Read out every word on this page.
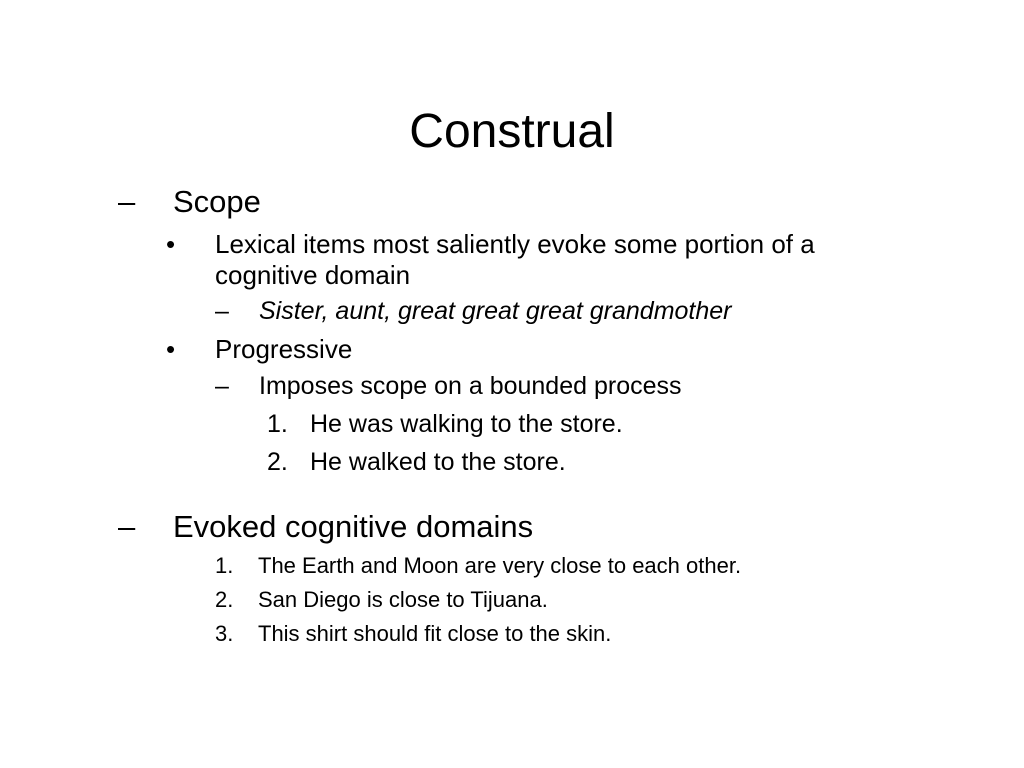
Construal
– Scope
• Lexical items most saliently evoke some portion of a cognitive domain
– Sister, aunt, great great great grandmother
• Progressive
– Imposes scope on a bounded process
1. He was walking to the store.
2. He walked to the store.
– Evoked cognitive domains
1. The Earth and Moon are very close to each other.
2. San Diego is close to Tijuana.
3. This shirt should fit close to the skin.
